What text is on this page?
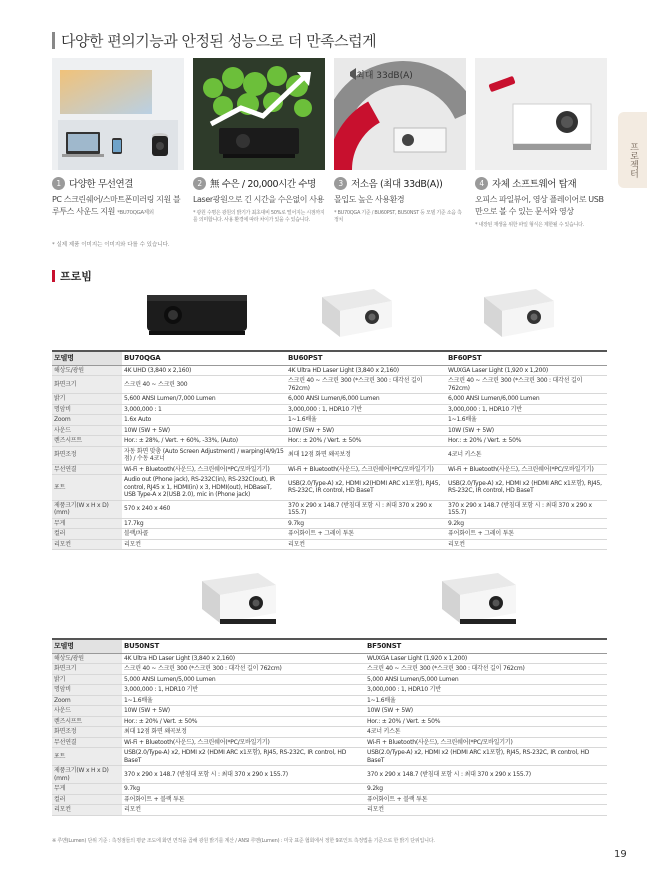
다양한 편의기능과 안정된 성능으로 더 만족스럽게
프로젝터
1 다양한 무선연결
PC 스크린쉐어/스마트폰미러링 지원 블루투스 사운드 지원 *BU70QGA제외
2 無 수은 / 20,000시간 수명
Laser광원으로 긴 시간을 수은없이 사용
* 광원 수명은 광원의 밝기가 최초대비 50%로 떨어지는 시점까지를 의미합니다. 사용 환경에 따라 차이가 있을 수 있습니다.
최대 33dB(A)
3 저소음 (최대 33dB(A))
몰입도 높은 사용환경
* BU70QGA 기준 / BU60PST, BU50NST 등 모델 기준 소음 측정치
4 자체 소프트웨어 탑재
오피스 파일뷰어, 영상 플레이어로 USB만으로 볼 수 있는 문서와 영상
* 내장된 재생을 위한 파일 형식은 제한될 수 있습니다.
* 실제 제품 이미지는 이미지와 다를 수 있습니다.
프로빔
모델명	BU70QGA	BU60PST	BF60PST
해상도/광원	4K UHD (3,840 x 2,160)	4K Ultra HD Laser Light (3,840 x 2,160)	WUXGA Laser Light (1,920 x 1,200)
화면크기	스크린 40 ~ 스크린 300	스크린 40 ~ 스크린 300 (*스크린 300 : 대각선 길이 762cm)	스크린 40 ~ 스크린 300 (*스크린 300 : 대각선 길이 762cm)
밝기	5,600 ANSI Lumen/7,000 Lumen	6,000 ANSI Lumen/6,000 Lumen	6,000 ANSI Lumen/6,000 Lumen
명암비	3,000,000 : 1	3,000,000 : 1, HDR10 기반	3,000,000 : 1, HDR10 기반
Zoom	1.6x Auto	1~1.6배율	1~1.6배율
사운드	10W (5W + 5W)	10W (5W + 5W)	10W (5W + 5W)
렌즈시프트	Hor.: ± 28%, / Vert. + 60%, -33%, (Auto)	Hor.: ± 20% / Vert. ± 50%	Hor.: ± 20% / Vert. ± 50%
화면조정	자동 화면 맞춤 (Auto Screen Adjustment) / warping(4/9/15점) / 수동 4코너	최대 12점 화면 왜곡보정	4코너 키스톤
무선연결	Wi-Fi + Bluetooth(사운드), 스크린쉐어(*PC/모바일기기)	Wi-Fi + Bluetooth(사운드), 스크린쉐어(*PC/모바일기기)	Wi-Fi + Bluetooth(사운드), 스크린쉐어(*PC/모바일기기)
포트	Audio out (Phone jack), RS-232C(in), RS-232C(out), IR control, RJ45 x 1, HDMI(in) x 3, HDMI(out), HDBaseT, USB Type-A x 2(USB 2.0), mic in (Phone jack)	USB(2.0/Type-A) x2, HDMI x2(HDMI ARC x1포함), RJ45, RS-232C, IR control, HD BaseT	USB(2.0/Type-A) x2, HDMI x2 (HDMI ARC x1포함), RJ45, RS-232C, IR control, HD BaseT
제품크기(W x H x D) (mm)	570 x 240 x 460	370 x 290 x 148.7 (받침대 포함 시 : 최대 370 x 290 x 155.7)	370 x 290 x 148.7 (받침대 포함 시 : 최대 370 x 290 x 155.7)
무게	17.7kg	9.7kg	9.2kg
컬러	블랙/차콜	퓨어화이트 + 그레이 투톤	퓨어화이트 + 그레이 투톤
리모컨	리모컨	리모컨	리모컨
모델명	BU50NST	BF50NST
해상도/광원	4K Ultra HD Laser Light (3,840 x 2,160)	WUXGA Laser Light (1,920 x 1,200)
화면크기	스크린 40 ~ 스크린 300 (*스크린 300 : 대각선 길이 762cm)	스크린 40 ~ 스크린 300 (*스크린 300 : 대각선 길이 762cm)
밝기	5,000 ANSI Lumen/5,000 Lumen	5,000 ANSI Lumen/5,000 Lumen
명암비	3,000,000 : 1, HDR10 기반	3,000,000 : 1, HDR10 기반
Zoom	1~1.6배율	1~1.6배율
사운드	10W (5W + 5W)	10W (5W + 5W)
렌즈시프트	Hor.: ± 20% / Vert. ± 50%	Hor.: ± 20% / Vert. ± 50%
화면조정	최대 12점 화면 왜곡보정	4코너 키스톤
무선연결	Wi-Fi + Bluetooth(사운드), 스크린쉐어(*PC/모바일기기)	Wi-Fi + Bluetooth(사운드), 스크린쉐어(*PC/모바일기기)
포트	USB(2.0/Type-A) x2, HDMI x2 (HDMI ARC x1포함), RJ45, RS-232C, IR control, HD BaseT	USB(2.0/Type-A) x2, HDMI x2 (HDMI ARC x1포함), RJ45, RS-232C, IR control, HD BaseT
제품크기(W x H x D) (mm)	370 x 290 x 148.7 (받침대 포함 시 : 최대 370 x 290 x 155.7)	370 x 290 x 148.7 (받침대 포함 시 : 최대 370 x 290 x 155.7)
무게	9.7kg	9.2kg
컬러	퓨어화이트 + 블랙 투톤	퓨어화이트 + 블랙 투톤
리모컨	리모컨	리모컨
※ 루멘(Lumen) 단위 기준 : 측정점들의 평균 조도에 화면 면적을 곱해 광원 밝기를 계산 / ANSI 루멘(Lumen) : 미국 표준 협회에서 정한 9포인트 측정법을 기준으로 한 밝기 단위입니다.
19
